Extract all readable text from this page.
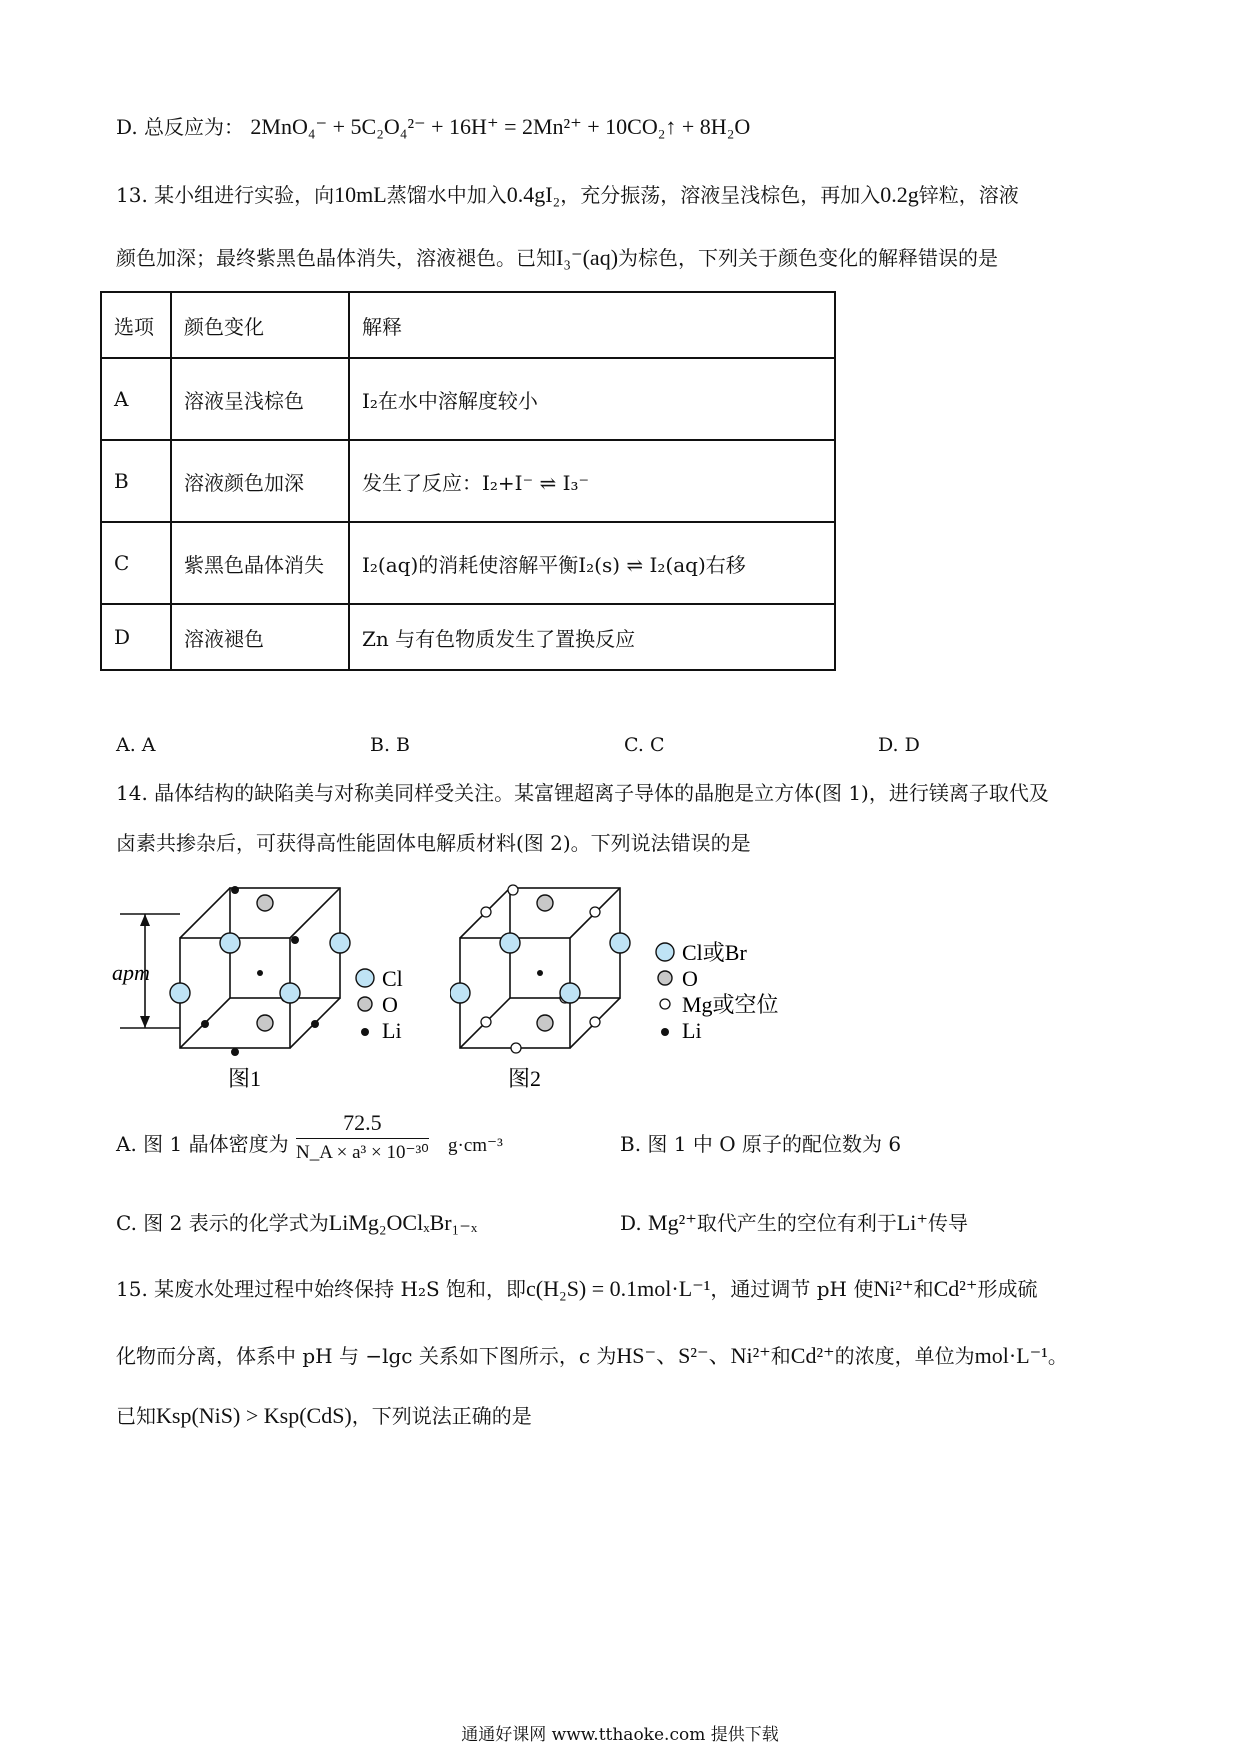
D. 总反应为： 2MnO₄⁻ + 5C₂O₄²⁻ + 16H⁺ = 2Mn²⁺ + 10CO₂↑ + 8H₂O
13. 某小组进行实验，向10mL蒸馏水中加入0.4gI₂，充分振荡，溶液呈浅棕色，再加入0.2g锌粒，溶液
颜色加深；最终紫黑色晶体消失，溶液褪色。已知I₃⁻(aq)为棕色，下列关于颜色变化的解释错误的是
选项	颜色变化	解释
A	溶液呈浅棕色	I₂在水中溶解度较小
B	溶液颜色加深	发生了反应：I₂+I⁻ ⇌ I₃⁻
C	紫黑色晶体消失	I₂(aq)的消耗使溶解平衡I₂(s) ⇌ I₂(aq)右移
D	溶液褪色	Zn 与有色物质发生了置换反应
A. A	B. B	C. C	D. D
14. 晶体结构的缺陷美与对称美同样受关注。某富锂超离子导体的晶胞是立方体(图 1)，进行镁离子取代及
卤素共掺杂后，可获得高性能固体电解质材料(图 2)。下列说法错误的是
apm	Cl
O
Li
图1
Cl或Br
O
Mg或空位
Li
图2
A. 图 1 晶体密度为 $\frac{72.5}{\text{N\_A × a³ × 10⁻³⁰}} g\cdot cm^{-3}$	B. 图 1 中 O 原子的配位数为 6
C. 图 2 表示的化学式为LiMg₂OClₓBr₁₋ₓ	D. Mg²⁺取代产生的空位有利于Li⁺传导
15. 某废水处理过程中始终保持 H₂S 饱和，即c(H₂S) = 0.1mol·L⁻¹，通过调节 pH 使Ni²⁺和Cd²⁺形成硫
化物而分离，体系中 pH 与 −lgc 关系如下图所示，c 为HS⁻、S²⁻、Ni²⁺和Cd²⁺的浓度，单位为mol·L⁻¹。
已知Ksp(NiS) > Ksp(CdS)，下列说法正确的是
通通好课网 www.tthaoke.com 提供下载
